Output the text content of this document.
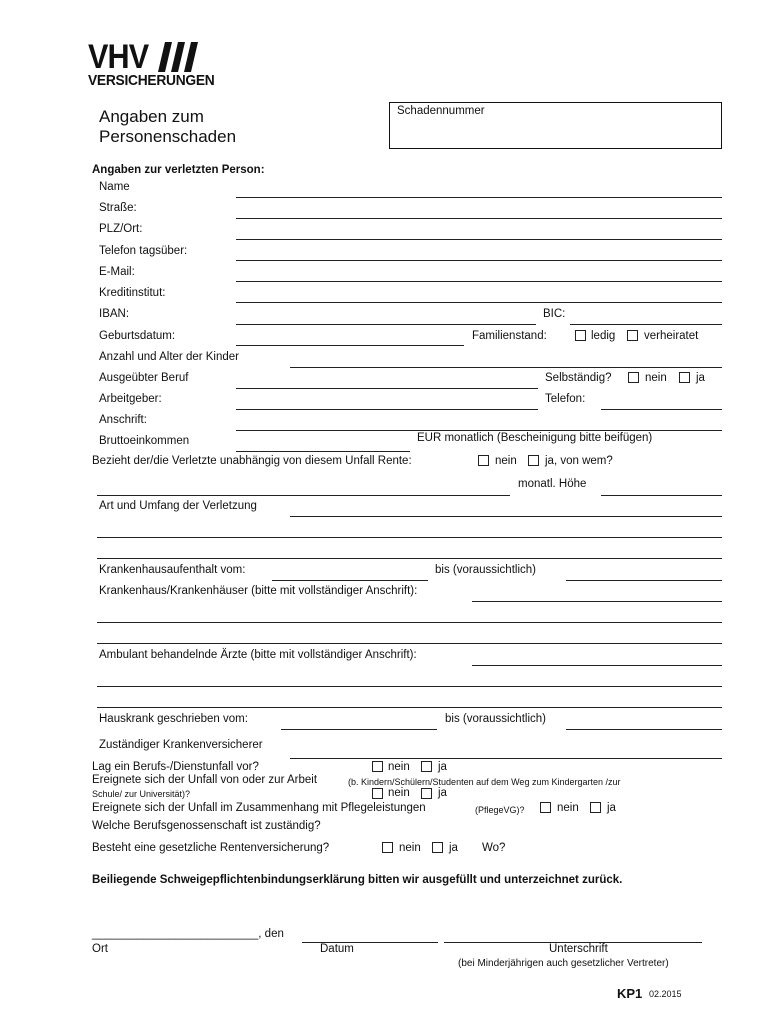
VHV
VERSICHERUNGEN
Angaben zum
Personenschaden
Schadennummer
Angaben zur verletzten Person:
Name
Straße:
PLZ/Ort:
Telefon tagsüber:
E-Mail:
Kreditinstitut:
IBAN:	BIC:
Geburtsdatum:	Familienstand:	ledig verheiratet
Anzahl und Alter der Kinder
Ausgeübter Beruf	Selbständig?	nein	ja
Arbeitgeber:	Telefon:
Anschrift:
Bruttoeinkommen	EUR monatlich (Bescheinigung bitte beifügen)
Bezieht der/die Verletzte unabhängig von diesem Unfall Rente:	nein ja, von wem?
monatl. Höhe
Art und Umfang der Verletzung
Krankenhausaufenthalt vom:	bis (voraussichtlich)
Krankenhaus/Krankenhäuser (bitte mit vollständiger Anschrift):
Ambulant behandelnde Ärzte (bitte mit vollständiger Anschrift):
Hauskrank geschrieben vom:	bis (voraussichtlich)
Zuständiger Krankenversicherer
Lag ein Berufs-/Dienstunfall vor?	nein ja
Ereignete sich der Unfall von oder zur Arbeit	(b. Kindern/Schülern/Studenten auf dem Weg zum Kindergarten /zur
Schule/ zur Universität)?	nein ja
Ereignete sich der Unfall im Zusammenhang mit Pflegeleistungen	(PflegeVG)?	nein ja
Welche Berufsgenossenschaft ist zuständig?
Besteht eine gesetzliche Rentenversicherung?	nein ja Wo?
Beiliegende Schweigepflichtenbindungserklärung bitten wir ausgefüllt und unterzeichnet zurück.
__________________________, den
Ort	Datum	Unterschrift
(bei Minderjährigen auch gesetzlicher Vertreter)
KP1 02.2015
